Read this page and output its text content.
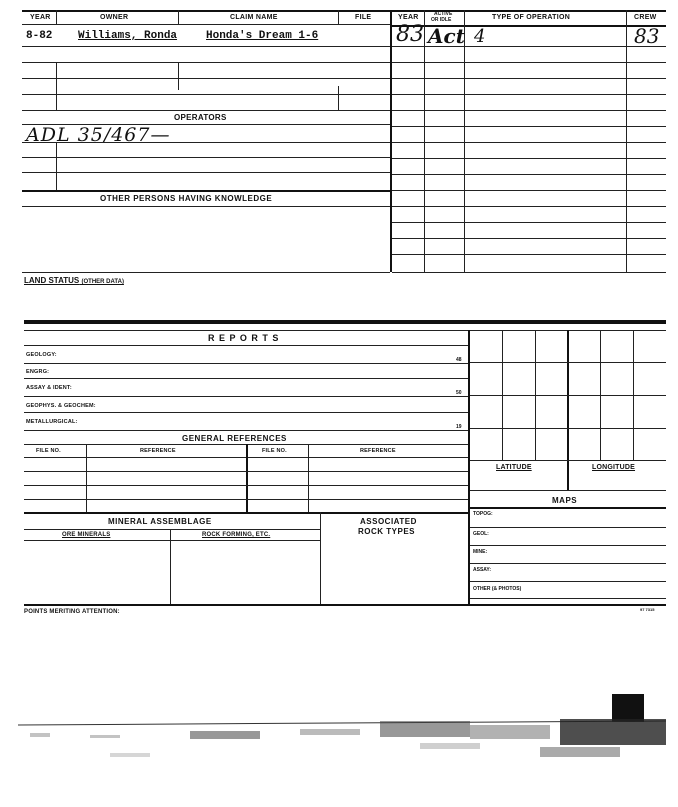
YEAR	OWNER	CLAIM NAME	FILE
8-82 Williams, Ronda	Honda's Dream 1-6
OPERATORS
ADL 35/467—
OTHER PERSONS HAVING KNOWLEDGE
YEAR	ACTIVE
OR IDLE	TYPE OF OPERATION	CREW
83 Act 4	83
LAND STATUS (OTHER DATA)
R E P O R T S
GEOLOGY:
48
ENGRG:
ASSAY & IDENT:
50
GEOPHYS. & GEOCHEM:
METALLURGICAL:
19
GENERAL REFERENCES
FILE NO.	REFERENCE	FILE NO.	REFERENCE
LATITUDE	LONGITUDE
MAPS
TOPOG:
GEOL:
MINE:
ASSAY:
OTHER (& PHOTOS)
MINERAL ASSEMBLAGE	ASSOCIATED
ROCK TYPES
ORE MINERALS	ROCK FORMING, ETC.
POINTS MERITING ATTENTION:	97 7315
